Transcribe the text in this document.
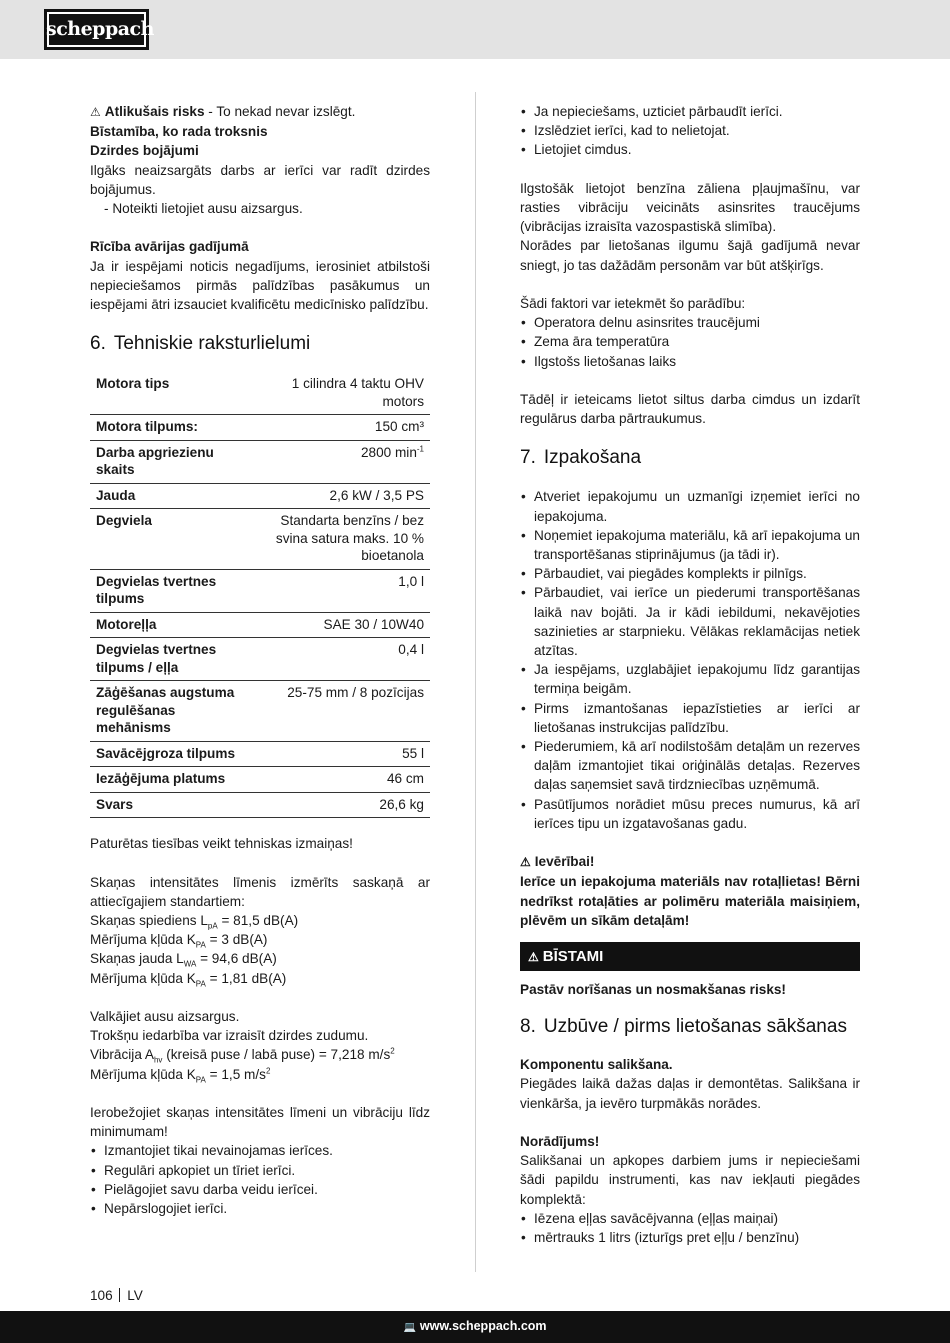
scheppach

⚠ Atlikušais risks - To nekad nevar izslēgt.

Bīstamība, ko rada troksnis

Dzirdes bojājumi

Ilgāks neaizsargāts darbs ar ierīci var radīt dzirdes bojājumus.

- Noteikti lietojiet ausu aizsargus.

Rīcība avārijas gadījumā

Ja ir iespējami noticis negadījums, ierosiniet atbilstoši nepieciešamos pirmās palīdzības pasākumus un iespējami ātri izsauciet kvalificētu medicīnisko palīdzību.

6. Tehniskie raksturlielumi
Motora tips	1 cilindra 4 taktu OHV motors
Motora tilpums:	150 cm³
Darba apgriezienu skaits	2800 $\min^{-1}$
Jauda	2,6 kW / 3,5 PS
Degviela	Standarta benzīns / bez svina satura maks. 10 % bioetanola
Degvielas tvertnes tilpums	1,0 l
Motoreļļa	SAE 30 / 10W40
Degvielas tvertnes tilpums / eļļa	0,4 l
Zāģēšanas augstuma regulēšanas mehānisms	25-75 mm / 8 pozīcijas
Savācējgroza tilpums	55 l
Iezāģējuma platums	46 cm
Svars	26,6 kg

Paturētas tiesības veikt tehniskas izmaiņas!

Skaņas intensitātes līmenis izmērīts saskaņā ar attiecīgajiem standartiem:

Skaņas spiediens $L_{pA} = 81,5$ dB(A)

Mērījuma kļūda $K_{PA} = 3$ dB(A)

Skaņas jauda $L_{WA} = 94,6$ dB(A)

Mērījuma kļūda $K_{PA} = 1,81$ dB(A)

Valkājiet ausu aizsargus.

Trokšņu iedarbība var izraisīt dzirdes zudumu.

Vibrācija $A_{hv}$ (kreisā puse / labā puse) = 7,218 $m/s^2$

Mērījuma kļūda $K_{PA} = 1,5$ $m/s^2$

Ierobežojiet skaņas intensitātes līmeni un vibrāciju līdz minimumam!

• Izmantojiet tikai nevainojamas ierīces.
• Regulāri apkopiet un tīriet ierīci.
• Pielāgojiet savu darba veidu ierīcei.
• Nepārslogojiet ierīci.
• Ja nepieciešams, uzticiet pārbaudīt ierīci.
• Izslēdziet ierīci, kad to nelietojat.
• Lietojiet cimdus.

Ilgstošāk lietojot benzīna zāliena pļaujmašīnu, var rasties vibrāciju veicināts asinsrites traucējums (vibrācijas izraisīta vazospastiskā slimība).

Norādes par lietošanas ilgumu šajā gadījumā nevar sniegt, jo tas dažādām personām var būt atšķirīgs.

Šādi faktori var ietekmēt šo parādību:

• Operatora delnu asinsrites traucējumi
• Zema āra temperatūra
• Ilgstošs lietošanas laiks

Tādēļ ir ieteicams lietot siltus darba cimdus un izdarīt regulārus darba pārtraukumus.

7. Izpakošana
• Atveriet iepakojumu un uzmanīgi izņemiet ierīci no iepakojuma.
• Noņemiet iepakojuma materiālu, kā arī iepakojuma un transportēšanas stiprinājumus (ja tādi ir).
• Pārbaudiet, vai piegādes komplekts ir pilnīgs.
• Pārbaudiet, vai ierīce un piederumi transportēšanas laikā nav bojāti. Ja ir kādi iebildumi, nekavējoties sazinieties ar starpnieku. Vēlākas reklamācijas netiek atzītas.
• Ja iespējams, uzglabājiet iepakojumu līdz garantijas termiņa beigām.
• Pirms izmantošanas iepazīstieties ar ierīci ar lietošanas instrukcijas palīdzību.
• Piederumiem, kā arī nodilstošām detaļām un rezerves daļām izmantojiet tikai oriģinālās detaļas. Rezerves daļas saņemsiet savā tirdzniecības uzņēmumā.
• Pasūtījumos norādiet mūsu preces numurus, kā arī ierīces tipu un izgatavošanas gadu.

⚠ Ievērībai!

Ierīce un iepakojuma materiāls nav rotaļlietas! Bērni nedrīkst rotaļāties ar polimēru materiāla maisiņiem, plēvēm un sīkām detaļām!

⚠ BĪSTAMI

Pastāv norīšanas un nosmakšanas risks!

8. Uzbūve / pirms lietošanas sākšanas

Komponentu salikšana.

Piegādes laikā dažas daļas ir demontētas. Salikšana ir vienkārša, ja ievēro turpmākās norādes.

Norādījums!

Salikšanai un apkopes darbiem jums ir nepieciešami šādi papildu instrumenti, kas nav iekļauti piegādes komplektā:

• Iēzena eļļas savācējvanna (eļļas maiņai)
• mērtrauks 1 litrs (izturīgs pret eļļu / benzīnu)
106 LV
💻 www.scheppach.com
